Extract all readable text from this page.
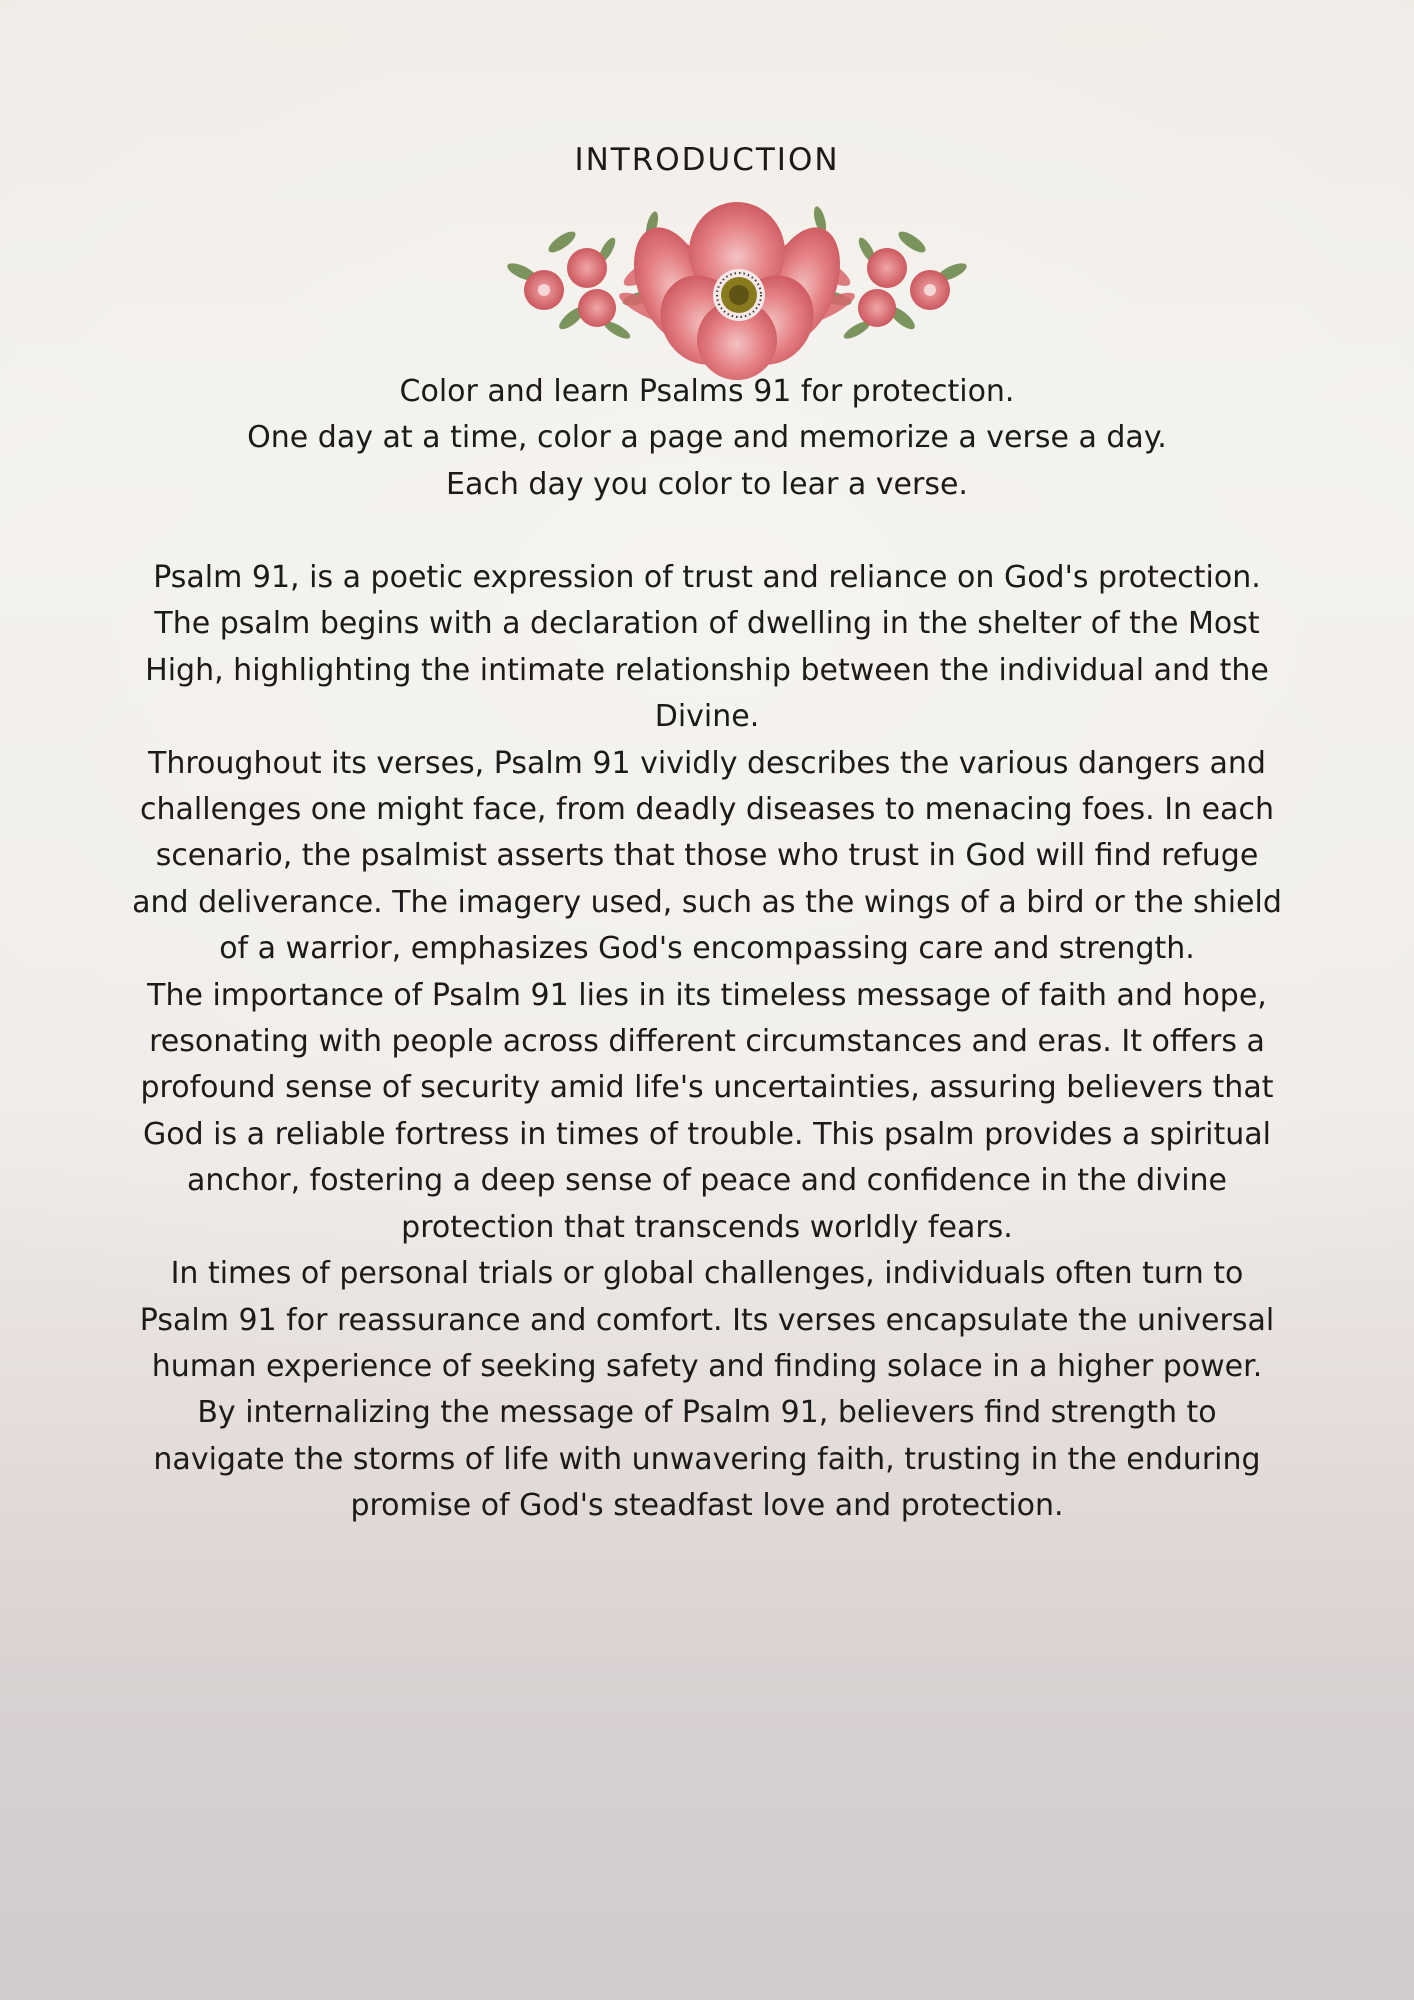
INTRODUCTION
Color and learn Psalms 91 for protection.
One day at a time, color a page and memorize a verse a day.
Each day you color to lear a verse.

Psalm 91, is a poetic expression of trust and reliance on God's protection. The psalm begins with a declaration of dwelling in the shelter of the Most High, highlighting the intimate relationship between the individual and the Divine.

Throughout its verses, Psalm 91 vividly describes the various dangers and challenges one might face, from deadly diseases to menacing foes. In each scenario, the psalmist asserts that those who trust in God will find refuge and deliverance. The imagery used, such as the wings of a bird or the shield of a warrior, emphasizes God's encompassing care and strength.

The importance of Psalm 91 lies in its timeless message of faith and hope, resonating with people across different circumstances and eras. It offers a profound sense of security amid life's uncertainties, assuring believers that God is a reliable fortress in times of trouble. This psalm provides a spiritual anchor, fostering a deep sense of peace and confidence in the divine protection that transcends worldly fears.

In times of personal trials or global challenges, individuals often turn to Psalm 91 for reassurance and comfort. Its verses encapsulate the universal human experience of seeking safety and finding solace in a higher power. By internalizing the message of Psalm 91, believers find strength to navigate the storms of life with unwavering faith, trusting in the enduring promise of God's steadfast love and protection.
